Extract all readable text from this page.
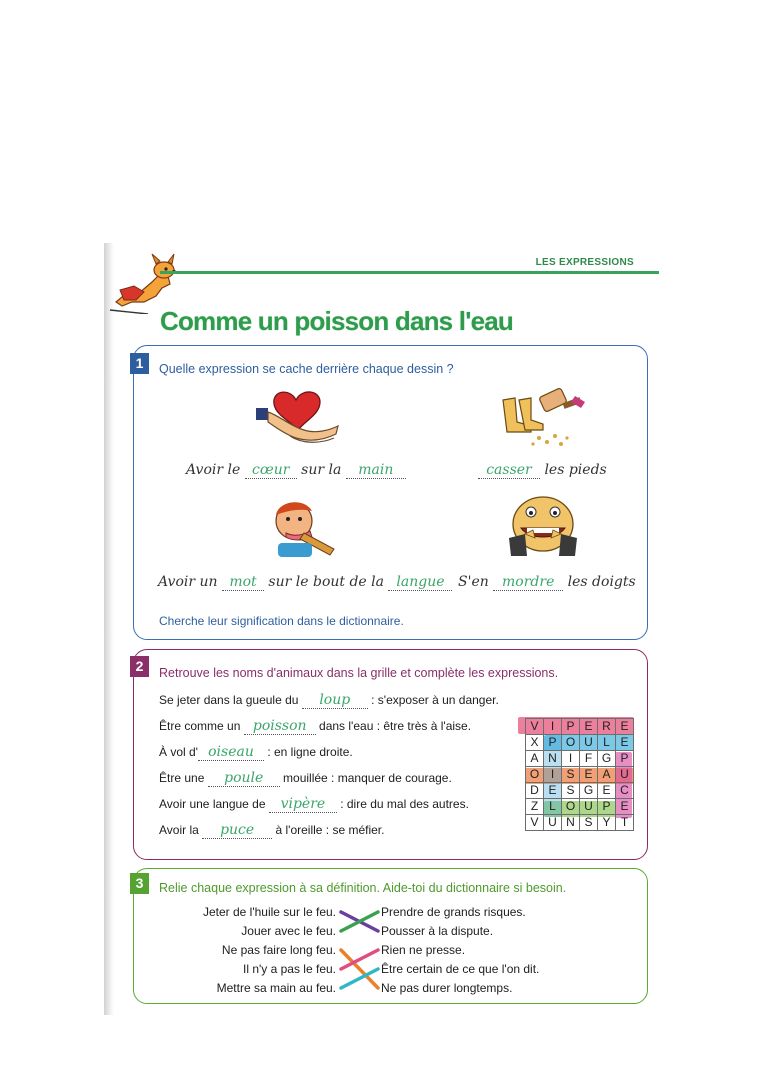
LES EXPRESSIONS
Comme un poisson dans l'eau
1	Quelle expression se cache derrière chaque dessin ?
Avoir le cœur sur la main	casser les pieds
Avoir un mot sur le bout de la langue S'en mordre les doigts
Cherche leur signification dans le dictionnaire.
2	Retrouve les noms d'animaux dans la grille et complète les expressions.
Se jeter dans la gueule du loup : s'exposer à un danger.
Être comme un poisson dans l'eau : être très à l'aise.
À vol d' oiseau : en ligne droite.
Être une poule mouillée : manquer de courage.
Avoir une langue de vipère : dire du mal des autres.
Avoir la puce à l'oreille : se méfier.
V	I	P	E	R	E
X	P	O	U	L	E
A	N	I	F	G	P
O	I	S	E	A	U
D	E	S	G	E	C
Z	L	O	U	P	E
V	U	N	S	Y	T
3	Relie chaque expression à sa définition. Aide-toi du dictionnaire si besoin.
Jeter de l'huile sur le feu.
Jouer avec le feu.
Ne pas faire long feu.
Il n'y a pas le feu.
Mettre sa main au feu.
Prendre de grands risques.
Pousser à la dispute.
Rien ne presse.
Être certain de ce que l'on dit.
Ne pas durer longtemps.
